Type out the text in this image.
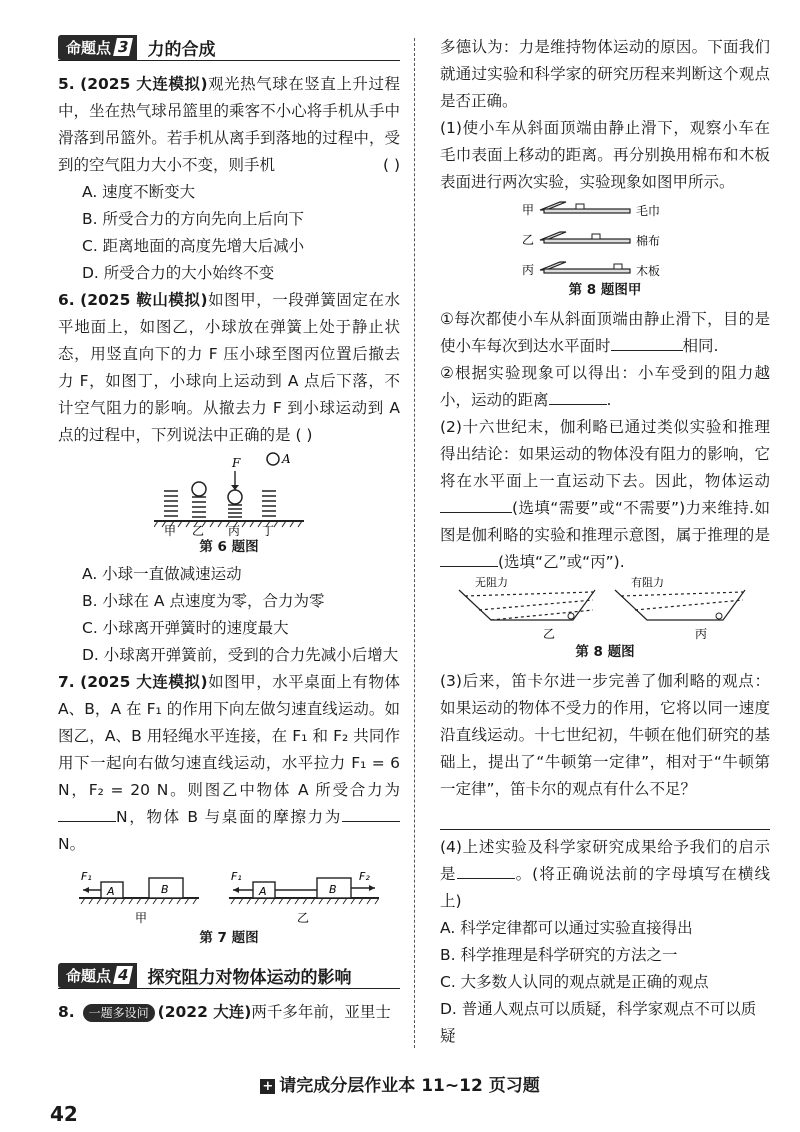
命题点 3 力的合成

5. (2025 大连模拟)观光热气球在竖直上升过程中，坐在热气球吊篮里的乘客不小心将手机从手中滑落到吊篮外。若手机从离手到落地的过程中，受到的空气阻力大小不变，则手机	( )

A. 速度不断变大

B. 所受合力的方向先向上后向下

C. 距离地面的高度先增大后减小

D. 所受合力的大小始终不变

6. (2025 鞍山模拟)如图甲，一段弹簧固定在水平地面上，如图乙，小球放在弹簧上处于静止状态，用竖直向下的力 F 压小球至图丙位置后撤去力 F，如图丁，小球向上运动到 A 点后下落，不计空气阻力的影响。从撤去力 F 到小球运动到 A 点的过程中，下列说法中正确的是 ( )

F	A
甲 乙 丙 丁

第 6 题图

A. 小球一直做减速运动

B. 小球在 A 点速度为零，合力为零

C. 小球离开弹簧时的速度最大

D. 小球离开弹簧前，受到的合力先减小后增大

7. (2025 大连模拟)如图甲，水平桌面上有物体 A、B，A 在 F₁ 的作用下向左做匀速直线运动。如图乙，A、B 用轻绳水平连接，在 F₁ 和 F₂ 共同作用下一起向右做匀速直线运动，水平拉力 F₁ = 6 N，F₂ = 20 N。则图乙中物体 A 所受合力为N，物体 B 与桌面的摩擦力为N。

F₁
A	B
F₁
A	B
F₂
甲	乙

第 7 题图

命题点 4 探究阻力对物体运动的影响

8. 一题多设问 (2022 大连)两千多年前，亚里士

多德认为：力是维持物体运动的原因。下面我们就通过实验和科学家的研究历程来判断这个观点是否正确。

(1)使小车从斜面顶端由静止滑下，观察小车在毛巾表面上移动的距离。再分别换用棉布和木板表面进行两次实验，实验现象如图甲所示。

甲
乙
丙
毛巾
棉布
木板

第 8 题图甲

①每次都使小车从斜面顶端由静止滑下，目的是使小车每次到达水平面时	相同.

②根据实验现象可以得出：小车受到的阻力越小，运动的距离	.

(2)十六世纪末，伽利略已通过类似实验和推理得出结论：如果运动的物体没有阻力的影响，它将在水平面上一直运动下去。因此，物体运动(选填“需要”或“不需要”)力来维持.如图是伽利略的实验和推理示意图，属于推理的是(选填“乙”或“丙”).

无阻力	有阻力
乙	丙

第 8 题图

(3)后来，笛卡尔进一步完善了伽利略的观点：如果运动的物体不受力的作用，它将以同一速度沿直线运动。十七世纪初，牛顿在他们研究的基础上，提出了“牛顿第一定律”，相对于“牛顿第一定律”，笛卡尔的观点有什么不足？

(4)上述实验及科学家研究成果给予我们的启示是	。(将正确说法前的字母填写在横线上)

A. 科学定律都可以通过实验直接得出

B. 科学推理是科学研究的方法之一

C. 大多数人认同的观点就是正确的观点

D. 普通人观点可以质疑，科学家观点不可以质疑

+ 请完成分层作业本 11~12 页习题
42
